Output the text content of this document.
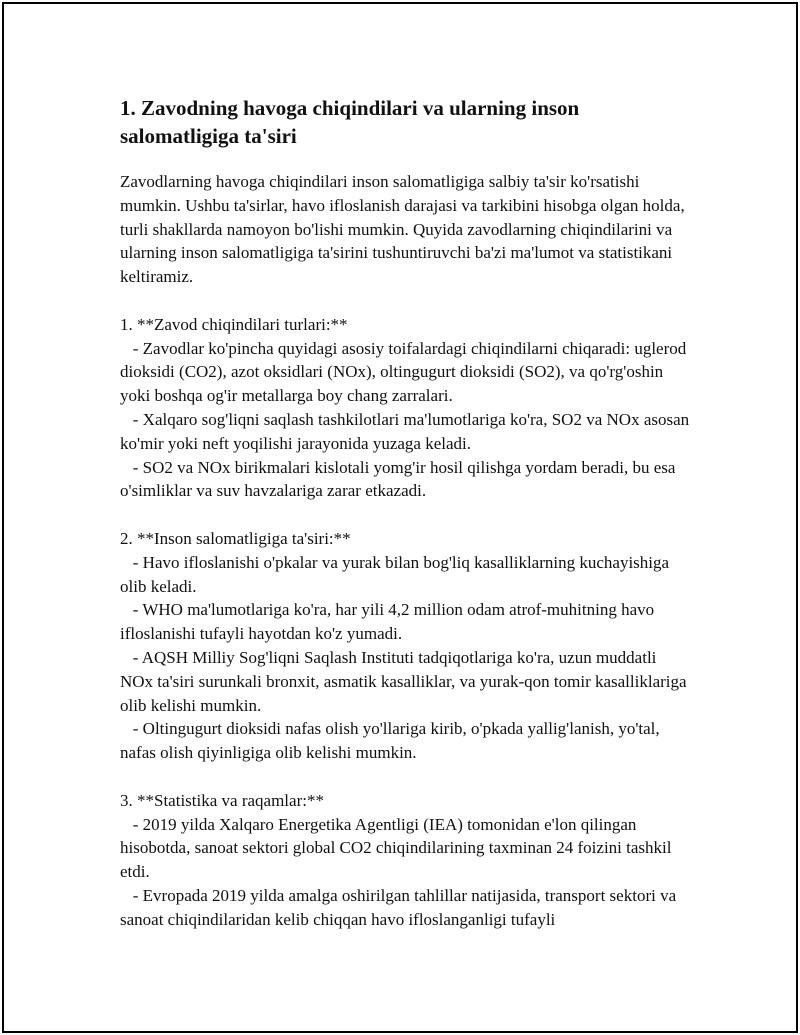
1. Zavodning havoga chiqindilari va ularning inson salomatligiga ta'siri

Zavodlarning havoga chiqindilari inson salomatligiga salbiy ta'sir ko'rsatishi mumkin. Ushbu ta'sirlar, havo ifloslanish darajasi va tarkibini hisobga olgan holda, turli shakllarda namoyon bo'lishi mumkin. Quyida zavodlarning chiqindilarini va ularning inson salomatligiga ta'sirini tushuntiruvchi ba'zi ma'lumot va statistikani keltiramiz.

1. **Zavod chiqindilari turlari:**

- Zavodlar ko'pincha quyidagi asosiy toifalardagi chiqindilarni chiqaradi: uglerod dioksidi (CO2), azot oksidlari (NOx), oltingugurt dioksidi (SO2), va qo'rg'oshin yoki boshqa og'ir metallarga boy chang zarralari.

- Xalqaro sog'liqni saqlash tashkilotlari ma'lumotlariga ko'ra, SO2 va NOx asosan ko'mir yoki neft yoqilishi jarayonida yuzaga keladi.

- SO2 va NOx birikmalari kislotali yomg'ir hosil qilishga yordam beradi, bu esa o'simliklar va suv havzalariga zarar etkazadi.

2. **Inson salomatligiga ta'siri:**

- Havo ifloslanishi o'pkalar va yurak bilan bog'liq kasalliklarning kuchayishiga olib keladi.

- WHO ma'lumotlariga ko'ra, har yili 4,2 million odam atrof-muhitning havo ifloslanishi tufayli hayotdan ko'z yumadi.

- AQSH Milliy Sog'liqni Saqlash Instituti tadqiqotlariga ko'ra, uzun muddatli NOx ta'siri surunkali bronxit, asmatik kasalliklar, va yurak-qon tomir kasalliklariga olib kelishi mumkin.

- Oltingugurt dioksidi nafas olish yo'llariga kirib, o'pkada yallig'lanish, yo'tal, nafas olish qiyinligiga olib kelishi mumkin.

3. **Statistika va raqamlar:**

- 2019 yilda Xalqaro Energetika Agentligi (IEA) tomonidan e'lon qilingan hisobotda, sanoat sektori global CO2 chiqindilarining taxminan 24 foizini tashkil etdi.

- Evropada 2019 yilda amalga oshirilgan tahlillar natijasida, transport sektori va sanoat chiqindilaridan kelib chiqqan havo ifloslanganligi tufayli
